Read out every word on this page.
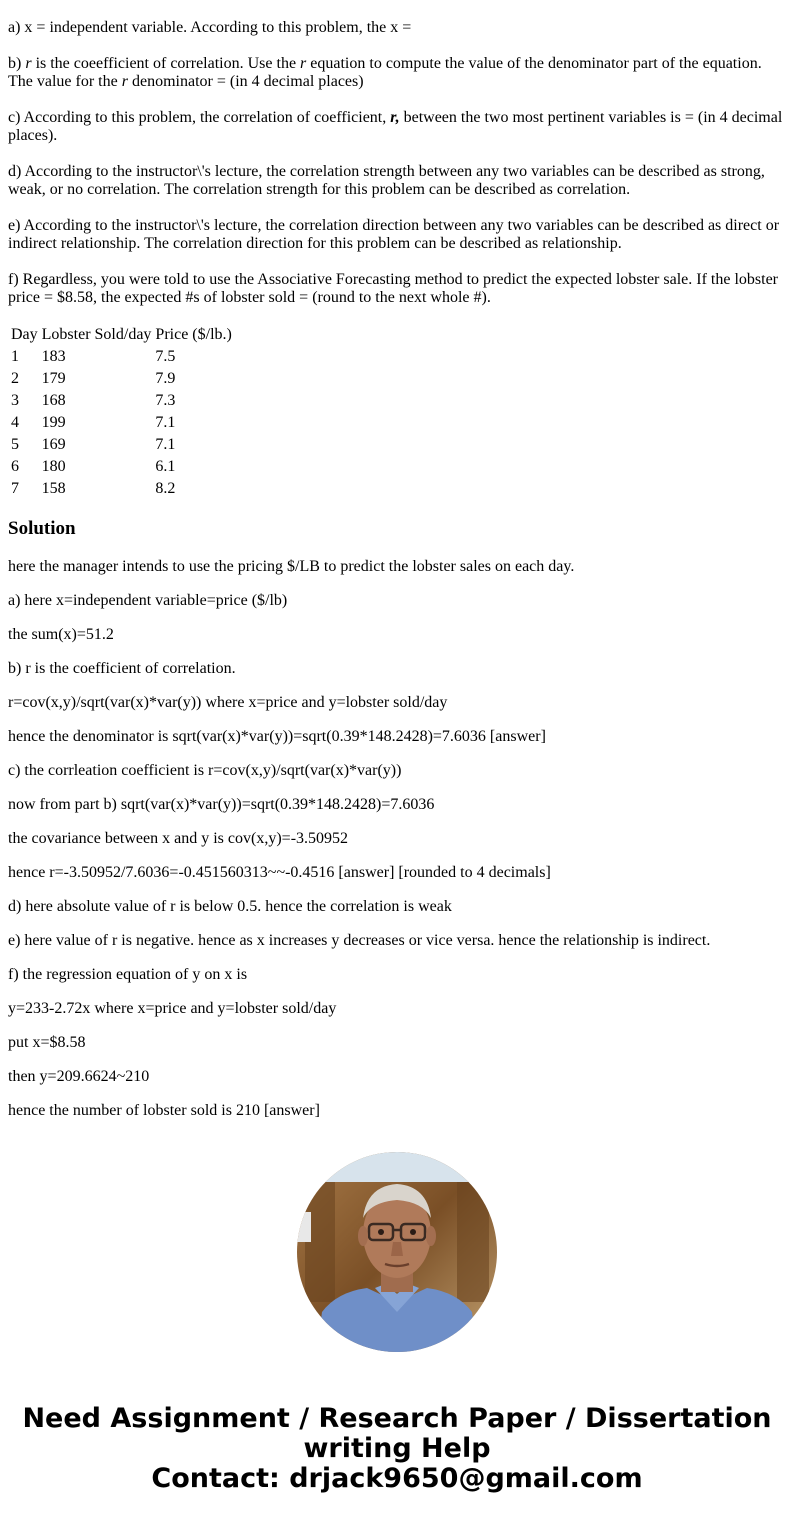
a) x = independent variable. According to this problem, the x =

b) r is the coeefficient of correlation. Use the r equation to compute the value of the denominator part of the equation. The value for the r denominator = (in 4 decimal places)

c) According to this problem, the correlation of coefficient, r, between the two most pertinent variables is = (in 4 decimal places).

d) According to the instructor\'s lecture, the correlation strength between any two variables can be described as strong, weak, or no correlation. The correlation strength for this problem can be described as correlation.

e) According to the instructor\'s lecture, the correlation direction between any two variables can be described as direct or indirect relationship. The correlation direction for this problem can be described as relationship.

f) Regardless, you were told to use the Associative Forecasting method to predict the expected lobster sale. If the lobster price = $8.58, the expected #s of lobster sold = (round to the next whole #).

Day	Lobster Sold/day	Price ($/lb.)
1	183	7.5
2	179	7.9
3	168	7.3
4	199	7.1
5	169	7.1
6	180	6.1
7	158	8.2
Solution

here the manager intends to use the pricing $/LB to predict the lobster sales on each day.

a) here x=independent variable=price ($/lb)

the sum(x)=51.2

b) r is the coefficient of correlation.

r=cov(x,y)/sqrt(var(x)*var(y)) where x=price and y=lobster sold/day

hence the denominator is sqrt(var(x)*var(y))=sqrt(0.39*148.2428)=7.6036 [answer]

c) the corrleation coefficient is r=cov(x,y)/sqrt(var(x)*var(y))

now from part b) sqrt(var(x)*var(y))=sqrt(0.39*148.2428)=7.6036

the covariance between x and y is cov(x,y)=-3.50952

hence r=-3.50952/7.6036=-0.451560313~~-0.4516 [answer] [rounded to 4 decimals]

d) here absolute value of r is below 0.5. hence the correlation is weak

e) here value of r is negative. hence as x increases y decreases or vice versa. hence the relationship is indirect.

f) the regression equation of y on x is

y=233-2.72x where x=price and y=lobster sold/day

put x=$8.58

then y=209.6624~210

hence the number of lobster sold is 210 [answer]

Need Assignment / Research Paper / Dissertation
writing Help
Contact: drjack9650@gmail.com
